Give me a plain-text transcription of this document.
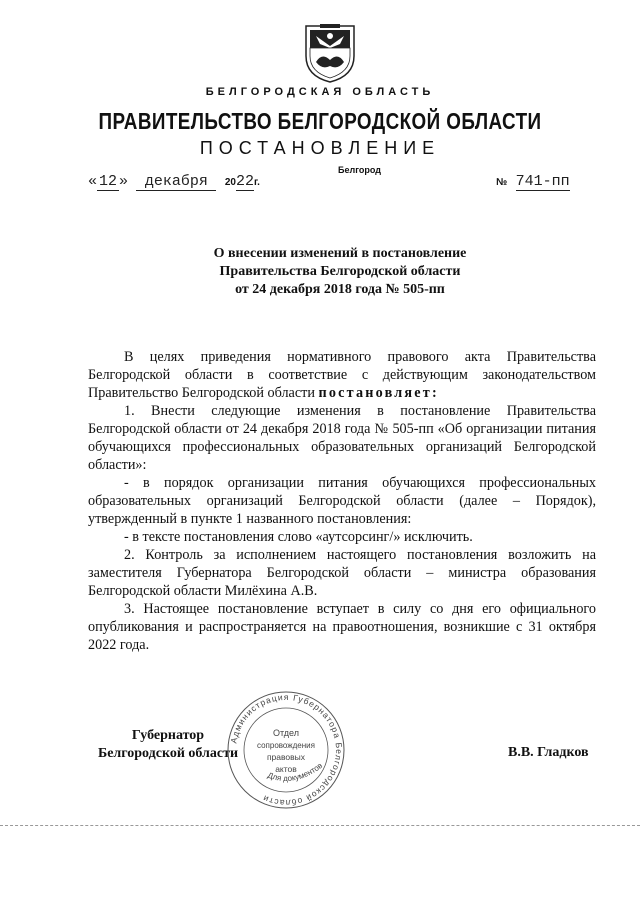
БЕЛГОРОДСКАЯ ОБЛАСТЬ
ПРАВИТЕЛЬСТВО БЕЛГОРОДСКОЙ ОБЛАСТИ
ПОСТАНОВЛЕНИЕ
Белгород
« 12 » декабря 2022г.	№ 741-пп
О внесении изменений в постановление
Правительства Белгородской области
от 24 декабря 2018 года № 505-пп

В целях приведения нормативного правового акта Правительства Белгородской области в соответствие с действующим законодательством Правительство Белгородской области постановляет:

1. Внести следующие изменения в постановление Правительства Белгородской области от 24 декабря 2018 года № 505-пп «Об организации питания обучающихся профессиональных образовательных организаций Белгородской области»:

- в порядок организации питания обучающихся профессиональных образовательных организаций Белгородской области (далее – Порядок), утвержденный в пункте 1 названного постановления:

- в тексте постановления слово «аутсорсинг/» исключить.

2. Контроль за исполнением настоящего постановления возложить на заместителя Губернатора Белгородской области – министра образования Белгородской области Милёхина А.В.

3. Настоящее постановление вступает в силу со дня его официального опубликования и распространяется на правоотношения, возникшие с 31 октября 2022 года.

Губернатор
Белгородской области	В.В. Гладков
Администрация Губернатора Белгородской области
Отдел
сопровождения
правовых
актов
Для документов
